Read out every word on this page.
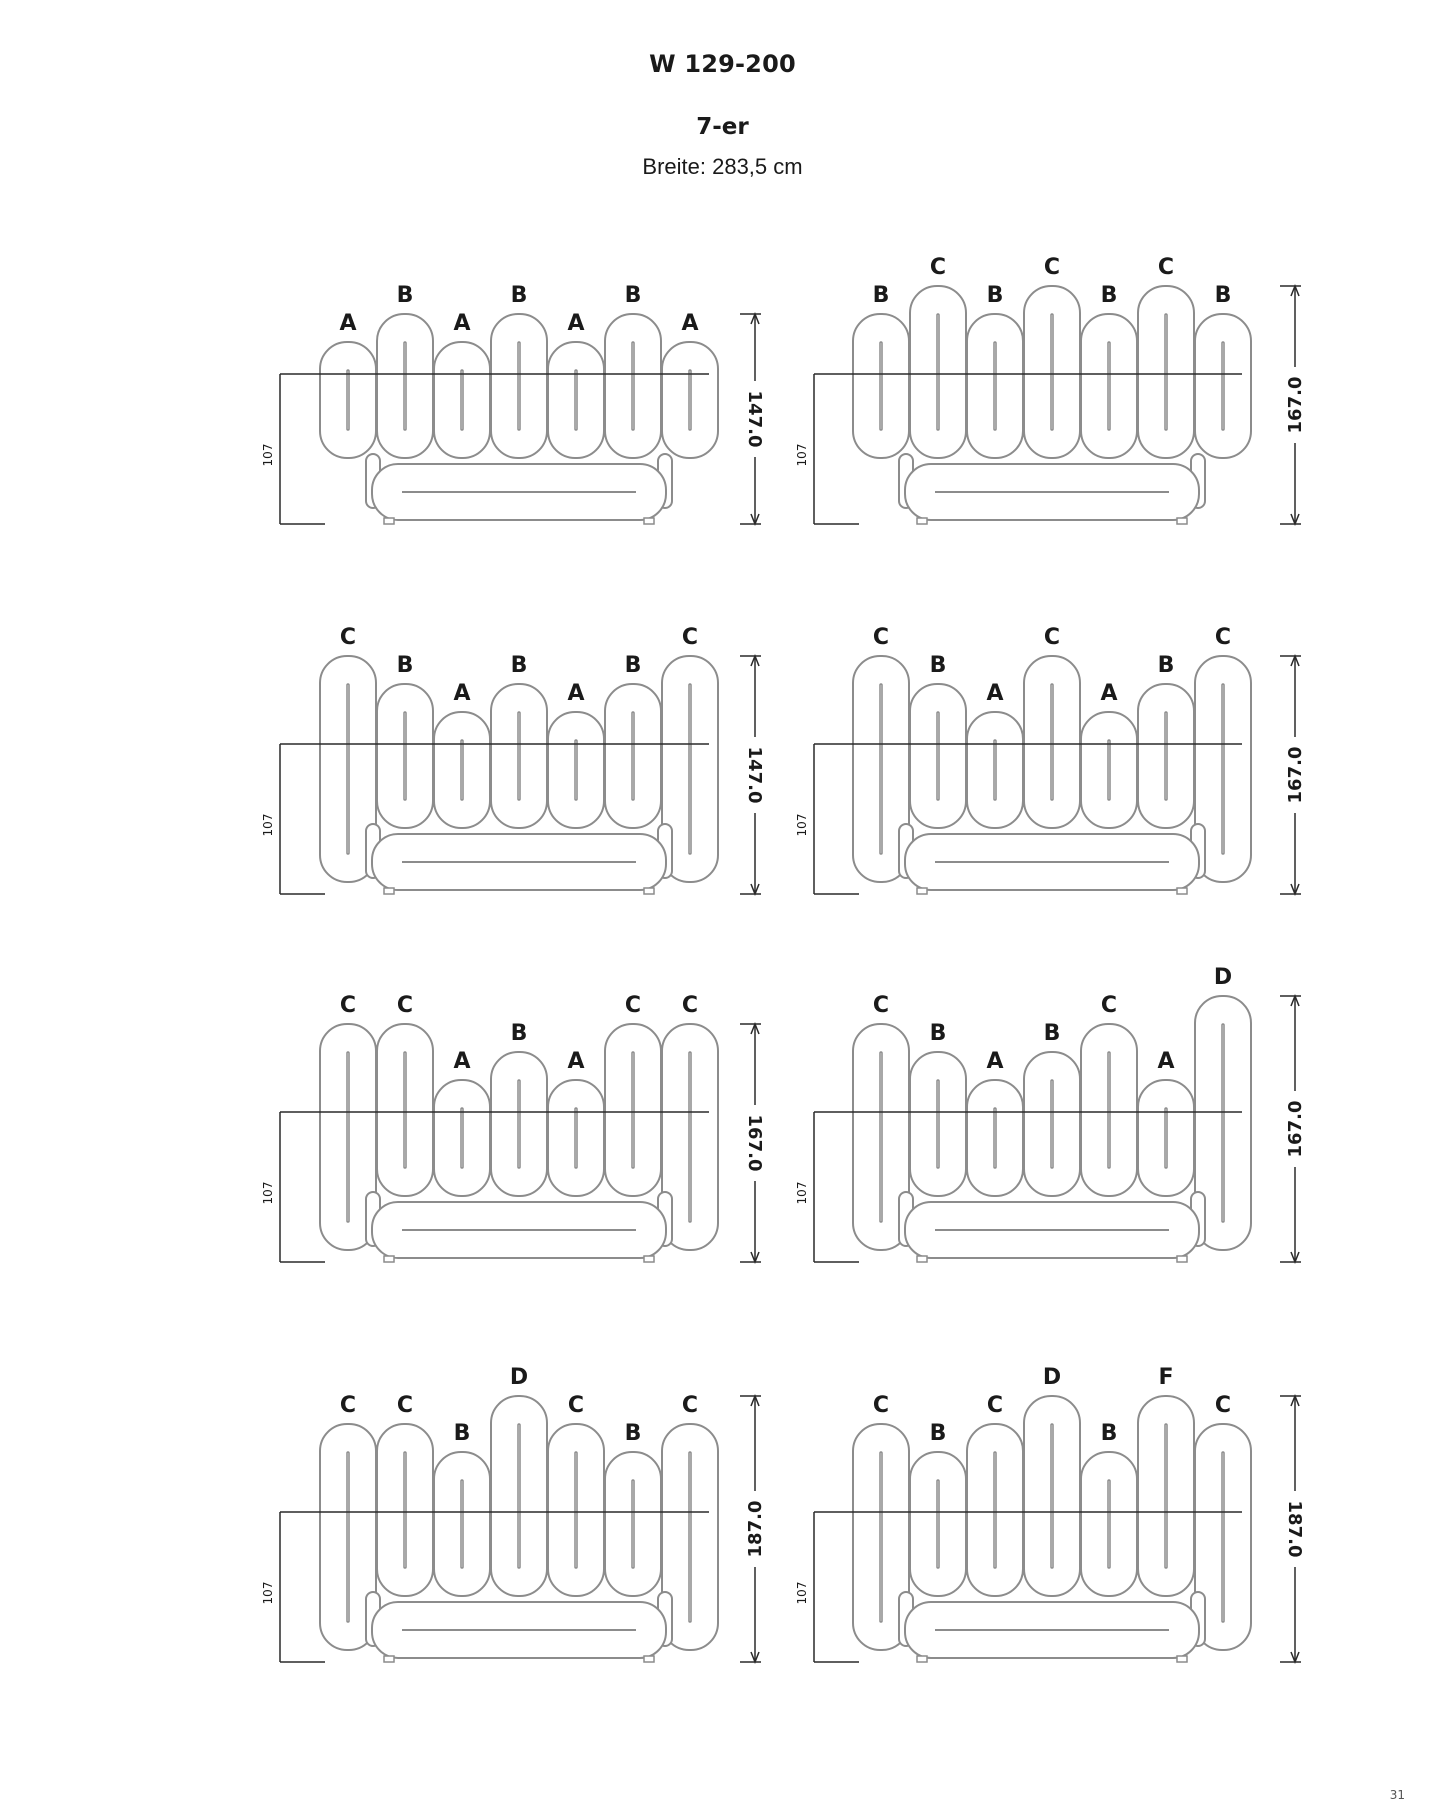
W 129-200
7-er
Breite: 283,5 cm
A
B
A
B
A
B
A
107
147.0
B
C
B
C
B
C
B
107
167.0
C
B
A
B
A
B
C
107
147.0
C
B
A
C
A
B
C
107
167.0
C C
A
B
A
C C
107
167.0
C
B
A
B
C
A
D
107
167.0
C C
B
D
C
B
C
107
187.0
C
B
C
D
B
F
C
107
187.0
31
